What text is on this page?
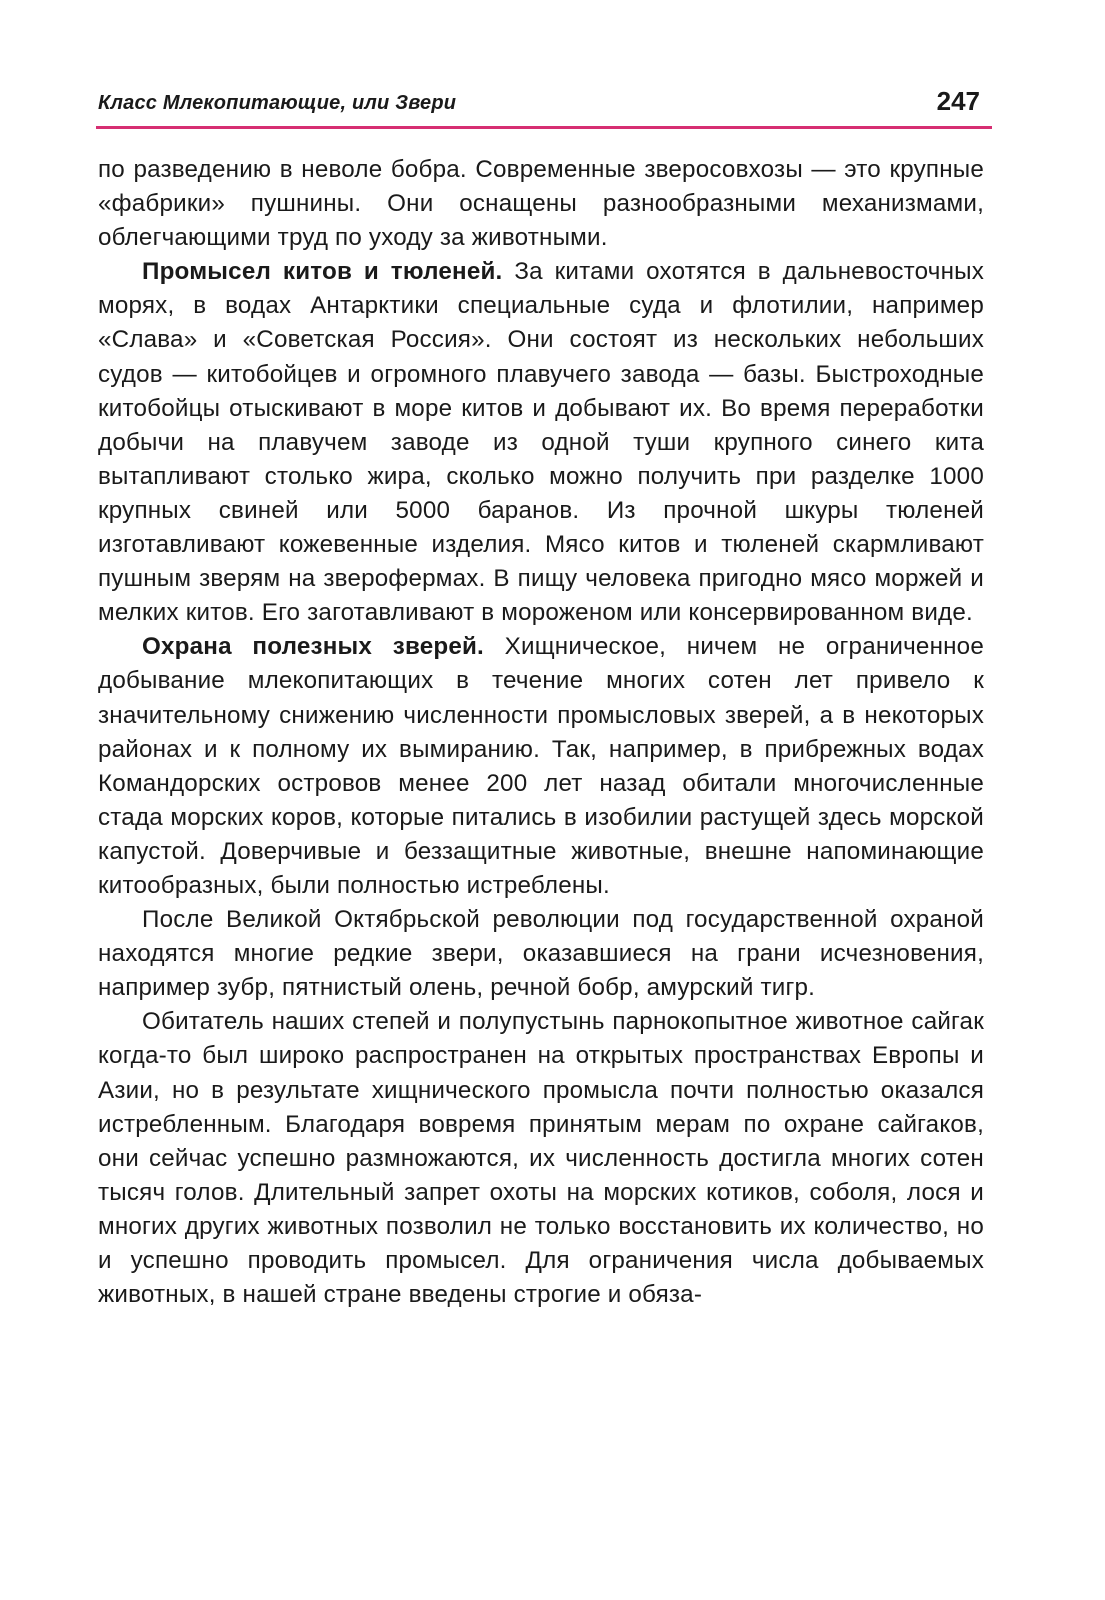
Класс Млекопитающие, или Звери	247

по разведению в неволе бобра. Современные зверосовхозы — это крупные «фабрики» пушнины. Они оснащены разнообразными механизмами, облегчающими труд по уходу за животными.

Промысел китов и тюленей. За китами охотятся в дальневосточных морях, в водах Антарктики специальные суда и флотилии, например «Слава» и «Советская Россия». Они состоят из нескольких небольших судов — китобойцев и огромного плавучего завода — базы. Быстроходные китобойцы отыскивают в море китов и добывают их. Во время переработки добычи на плавучем заводе из одной туши крупного синего кита вытапливают столько жира, сколько можно получить при разделке 1000 крупных свиней или 5000 баранов. Из прочной шкуры тюленей изготавливают кожевенные изделия. Мясо китов и тюленей скармливают пушным зверям на зверофермах. В пищу человека пригодно мясо моржей и мелких китов. Его заготавливают в мороженом или консервированном виде.

Охрана полезных зверей. Хищническое, ничем не ограниченное добывание млекопитающих в течение многих сотен лет привело к значительному снижению численности промысловых зверей, а в некоторых районах и к полному их вымиранию. Так, например, в прибрежных водах Командорских островов менее 200 лет назад обитали многочисленные стада морских коров, которые питались в изобилии растущей здесь морской капустой. Доверчивые и беззащитные животные, внешне напоминающие китообразных, были полностью истреблены.

После Великой Октябрьской революции под государственной охраной находятся многие редкие звери, оказавшиеся на грани исчезновения, например зубр, пятнистый олень, речной бобр, амурский тигр.

Обитатель наших степей и полупустынь парнокопытное животное сайгак когда-то был широко распространен на открытых пространствах Европы и Азии, но в результате хищнического промысла почти полностью оказался истребленным. Благодаря вовремя принятым мерам по охране сайгаков, они сейчас успешно размножаются, их численность достигла многих сотен тысяч голов. Длительный запрет охоты на морских котиков, соболя, лося и многих других животных позволил не только восстановить их количество, но и успешно проводить промысел. Для ограничения числа добываемых животных, в нашей стране введены строгие и обяза-
